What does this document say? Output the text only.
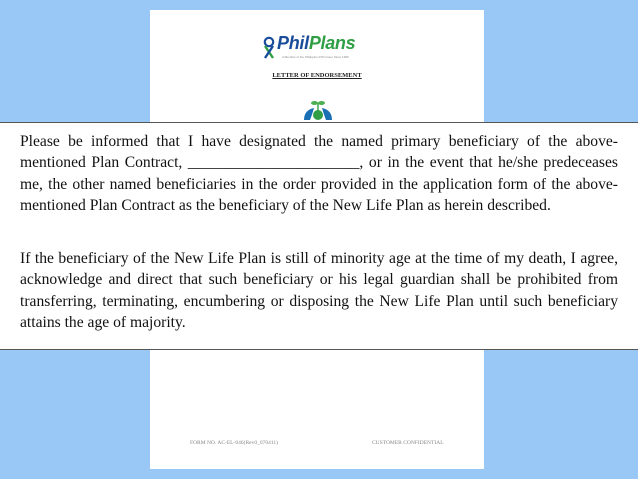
PhilPlans
A Member of the Philippine Phil Group Since 1969
LETTER OF ENDORSEMENT
FORM NO. AC-EL-046(Rev0_070411)	CUSTOMER CONFIDENTIAL

Please be informed that I have designated the named primary beneficiary of the above-mentioned Plan Contract, ______________________, or in the event that he/she predeceases me, the other named beneficiaries in the order provided in the application form of the above-mentioned Plan Contract as the beneficiary of the New Life Plan as herein described.

If the beneficiary of the New Life Plan is still of minority age at the time of my death, I agree, acknowledge and direct that such beneficiary or his legal guardian shall be prohibited from transferring, terminating, encumbering or disposing the New Life Plan until such beneficiary attains the age of majority.
